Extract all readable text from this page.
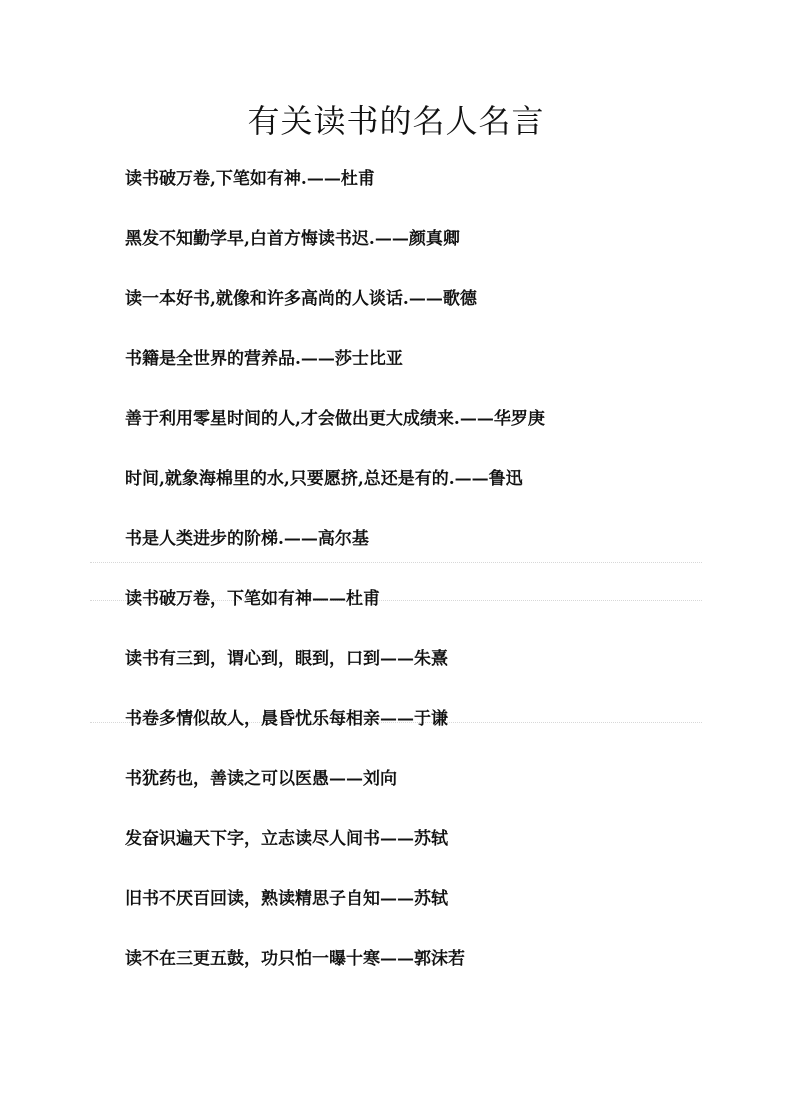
有关读书的名人名言
读书破万卷,下笔如有神.——杜甫
黑发不知勤学早,白首方悔读书迟.——颜真卿
读一本好书,就像和许多高尚的人谈话.——歌德
书籍是全世界的营养品.——莎士比亚
善于利用零星时间的人,才会做出更大成绩来.——华罗庚
时间,就象海棉里的水,只要愿挤,总还是有的.——鲁迅
书是人类进步的阶梯.——高尔基
读书破万卷，下笔如有神——杜甫
读书有三到，谓心到，眼到，口到——朱熹
书卷多情似故人，晨昏忧乐每相亲——于谦
书犹药也，善读之可以医愚——刘向
发奋识遍天下字，立志读尽人间书——苏轼
旧书不厌百回读，熟读精思子自知——苏轼
读不在三更五鼓，功只怕一曝十寒——郭沫若
